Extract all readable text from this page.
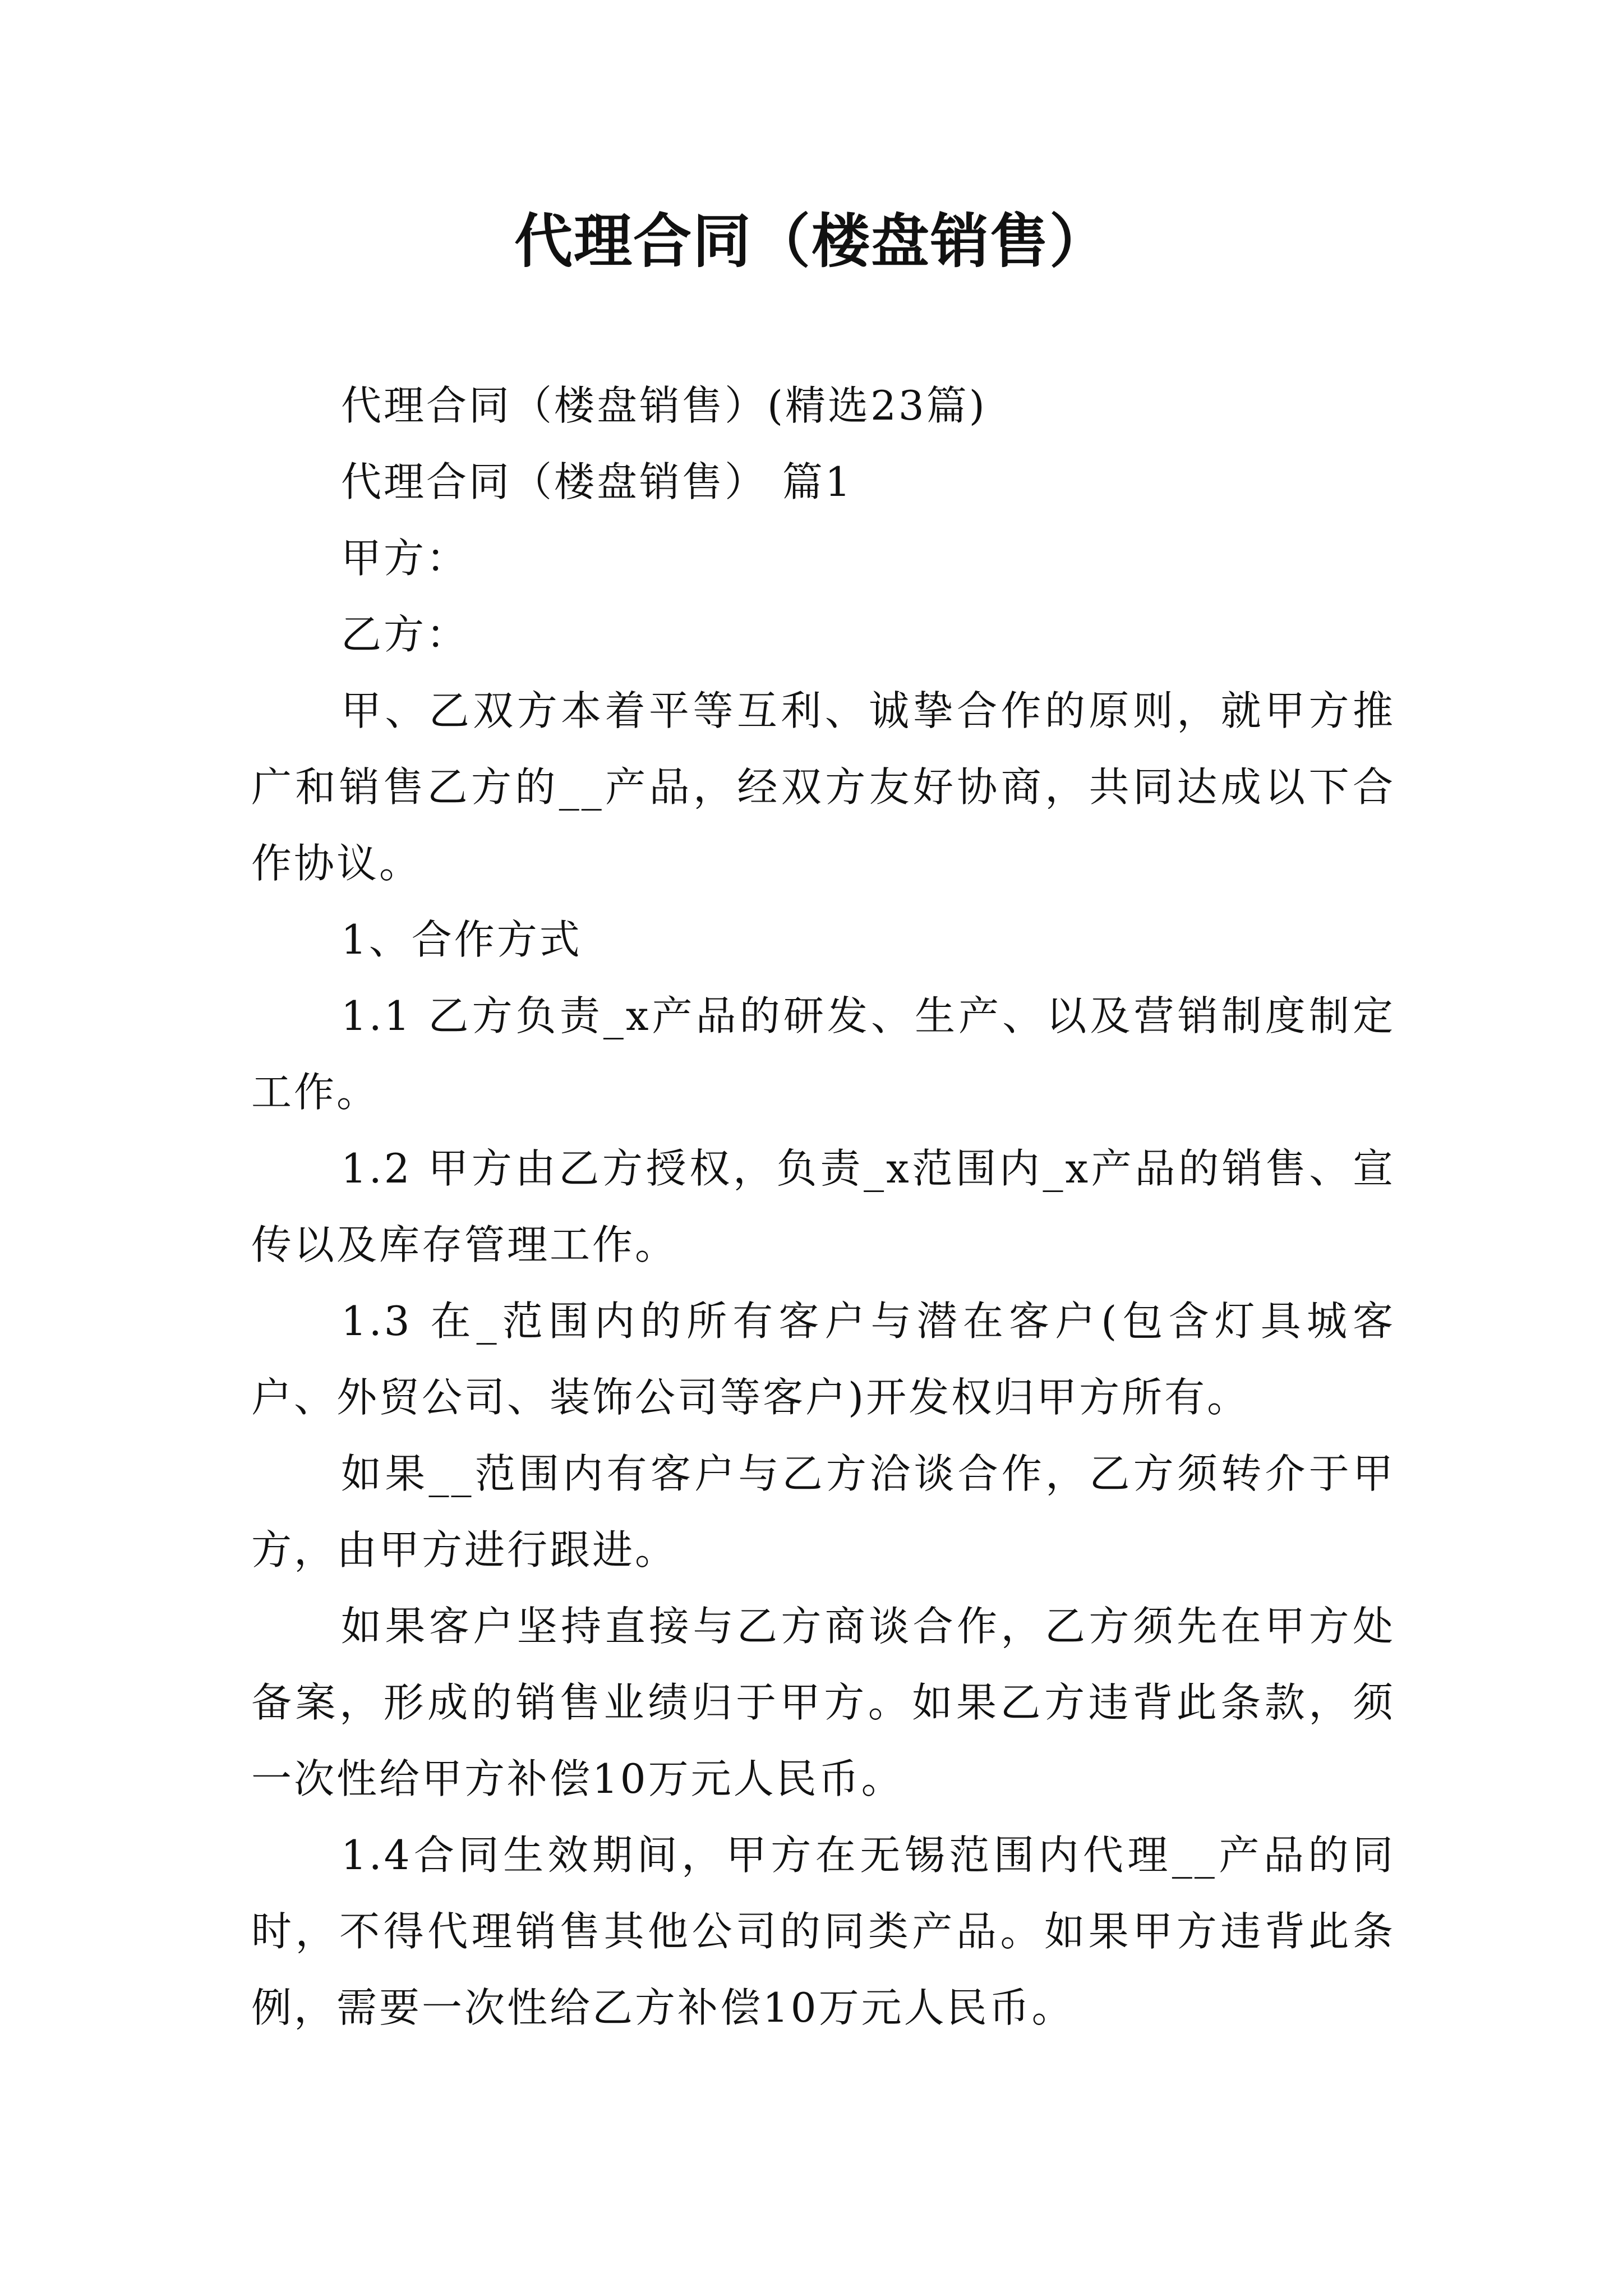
代理合同（楼盘销售）

代理合同（楼盘销售）(精选23篇)

代理合同（楼盘销售） 篇1

甲方：

乙方：

甲、乙双方本着平等互利、诚挚合作的原则，就甲方推广和销售乙方的__产品，经双方友好协商，共同达成以下合作协议。

1、合作方式

1.1 乙方负责_x产品的研发、生产、以及营销制度制定工作。

1.2 甲方由乙方授权，负责_x范围内_x产品的销售、宣传以及库存管理工作。

1.3 在_范围内的所有客户与潜在客户(包含灯具城客户、外贸公司、装饰公司等客户)开发权归甲方所有。

如果__范围内有客户与乙方洽谈合作，乙方须转介于甲方，由甲方进行跟进。

如果客户坚持直接与乙方商谈合作，乙方须先在甲方处备案，形成的销售业绩归于甲方。如果乙方违背此条款，须一次性给甲方补偿10万元人民币。

1.4合同生效期间，甲方在无锡范围内代理__产品的同时，不得代理销售其他公司的同类产品。如果甲方违背此条例，需要一次性给乙方补偿10万元人民币。
